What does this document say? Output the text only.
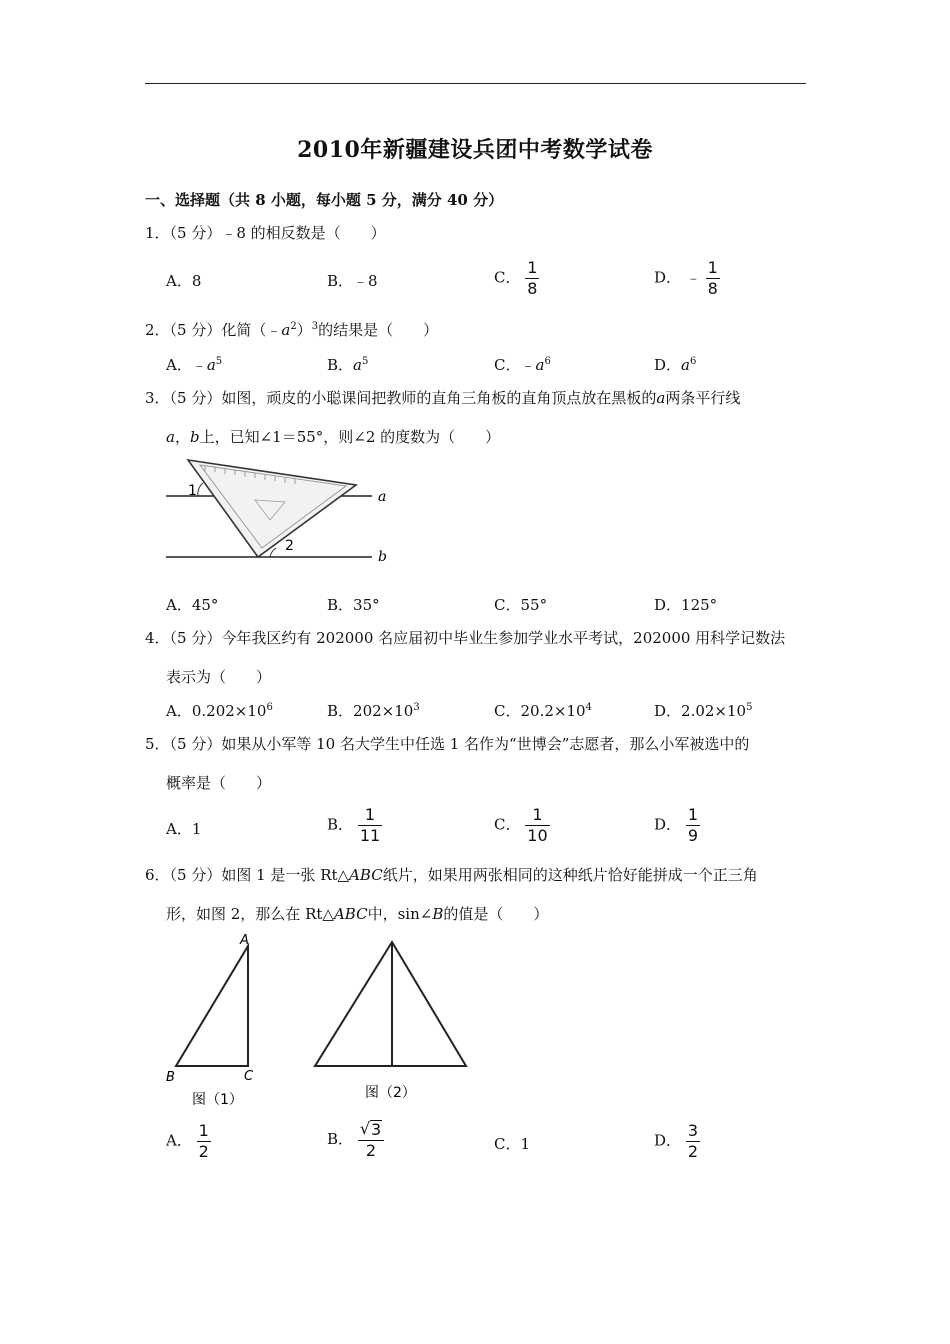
2010年新疆建设兵团中考数学试卷
一、选择题（共 8 小题，每小题 5 分，满分 40 分）
1．（5 分）﹣8 的相反数是（　　）
A．8	B．﹣8	C． $\frac{1}{8}$	D． ﹣ $\frac{1}{8}$
2．（5 分）化简$(﹣a^2)^3$的结果是（　　）
A．$﹣a^5$	B．$a^5$	C．$﹣a^6$	D．$a^6$
3．（5 分）如图，顽皮的小聪课间把教师的直角三角板的直角顶点放在黑板的a两条平行线
a，b上，已知∠1＝55°，则∠2 的度数为（　　）
1
2
a
b
A．45°	B．35°	C．55°	D．125°
4．（5 分）今年我区约有 202000 名应届初中毕业生参加学业水平考试，202000 用科学记数法
表示为（　　）
A．$0.202\times 10^6$	B．$202\times 10^3$	C．$20.2\times 10^4$	D．$2.02\times 10^5$
5．（5 分）如果从小军等 10 名大学生中任选 1 名作为“世博会”志愿者，那么小军被选中的
概率是（　　）
A．1	B． $\frac{1}{11}$	C． $\frac{1}{10}$	D． $\frac{1}{9}$
6．（5 分）如图 1 是一张 Rt△ABC纸片，如果用两张相同的这种纸片恰好能拼成一个正三角
形，如图 2，那么在 Rt△ABC中，sin∠B的值是（　　）
A
B	C
图（1）	图（2）
A． $\frac{1}{2}$	B． $\frac{√ 3}{2}$	C．1	D． $\frac{3}{2}$
